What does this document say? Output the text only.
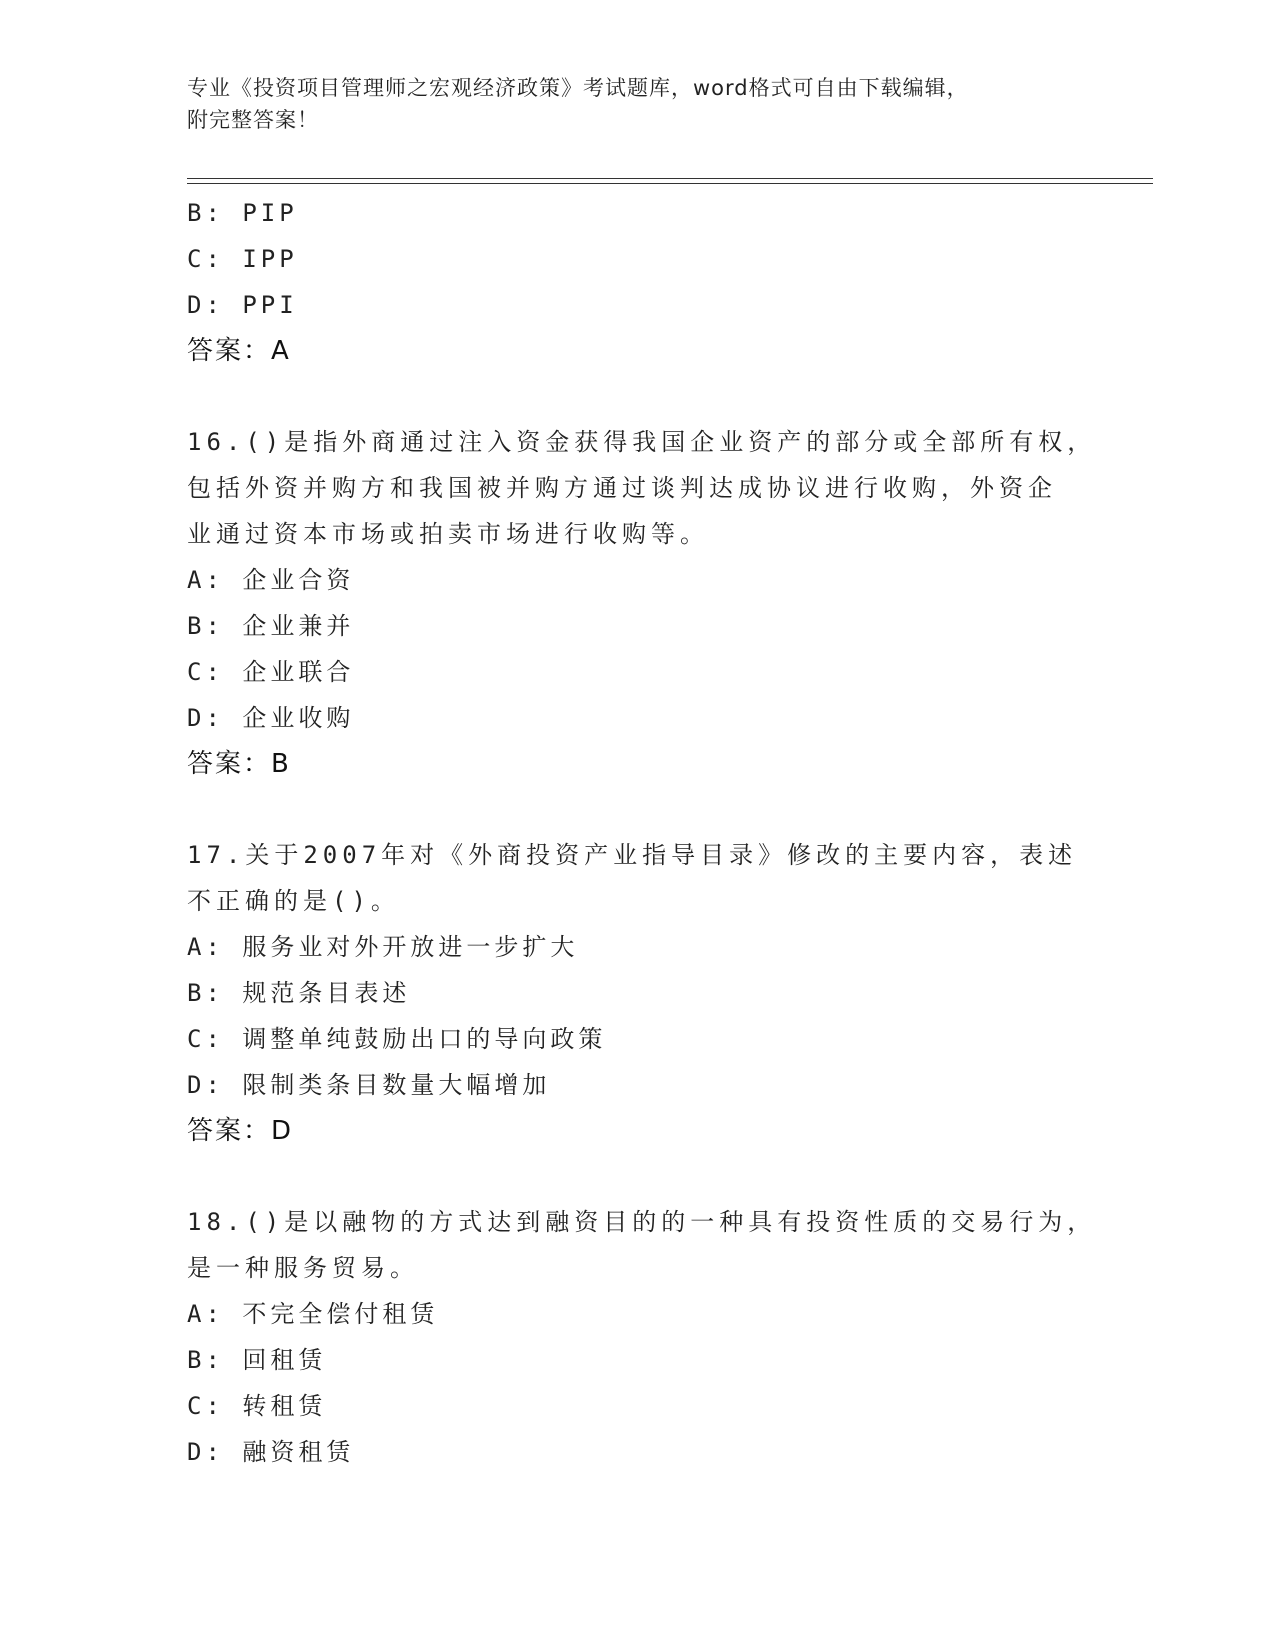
专业《投资项目管理师之宏观经济政策》考试题库，word格式可自由下载编辑，
附完整答案！
B: PIP
C: IPP
D: PPI
答案：A
16.()是指外商通过注入资金获得我国企业资产的部分或全部所有权，
包括外资并购方和我国被并购方通过谈判达成协议进行收购，外资企
业通过资本市场或拍卖市场进行收购等。
A: 企业合资
B: 企业兼并
C: 企业联合
D: 企业收购
答案：B
17.关于2007年对《外商投资产业指导目录》修改的主要内容，表述
不正确的是()。
A: 服务业对外开放进一步扩大
B: 规范条目表述
C: 调整单纯鼓励出口的导向政策
D: 限制类条目数量大幅增加
答案：D
18.()是以融物的方式达到融资目的的一种具有投资性质的交易行为，
是一种服务贸易。
A: 不完全偿付租赁
B: 回租赁
C: 转租赁
D: 融资租赁
